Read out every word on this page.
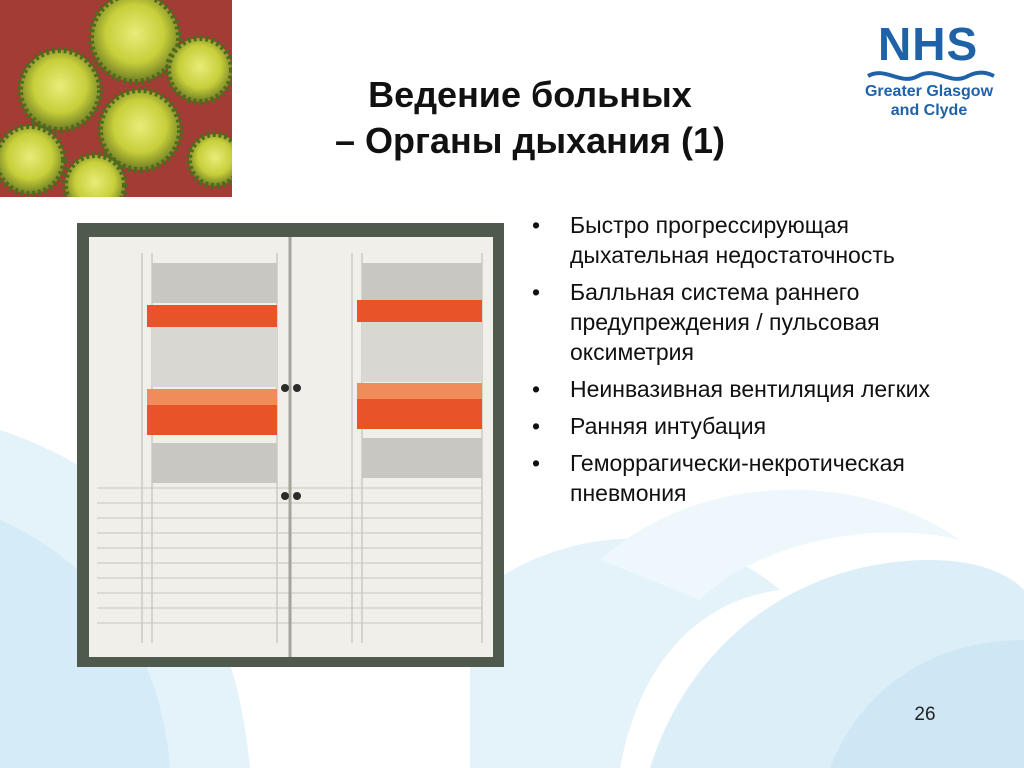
NHS
Greater Glasgow
and Clyde
Ведение больных
– Органы дыхания (1)
• Быстро прогрессирующая дыхательная недостаточность
• Балльная система раннего предупреждения / пульсовая оксиметрия
• Неинвазивная вентиляция легких
• Ранняя интубация
• Геморрагически-некротическая пневмония
26
